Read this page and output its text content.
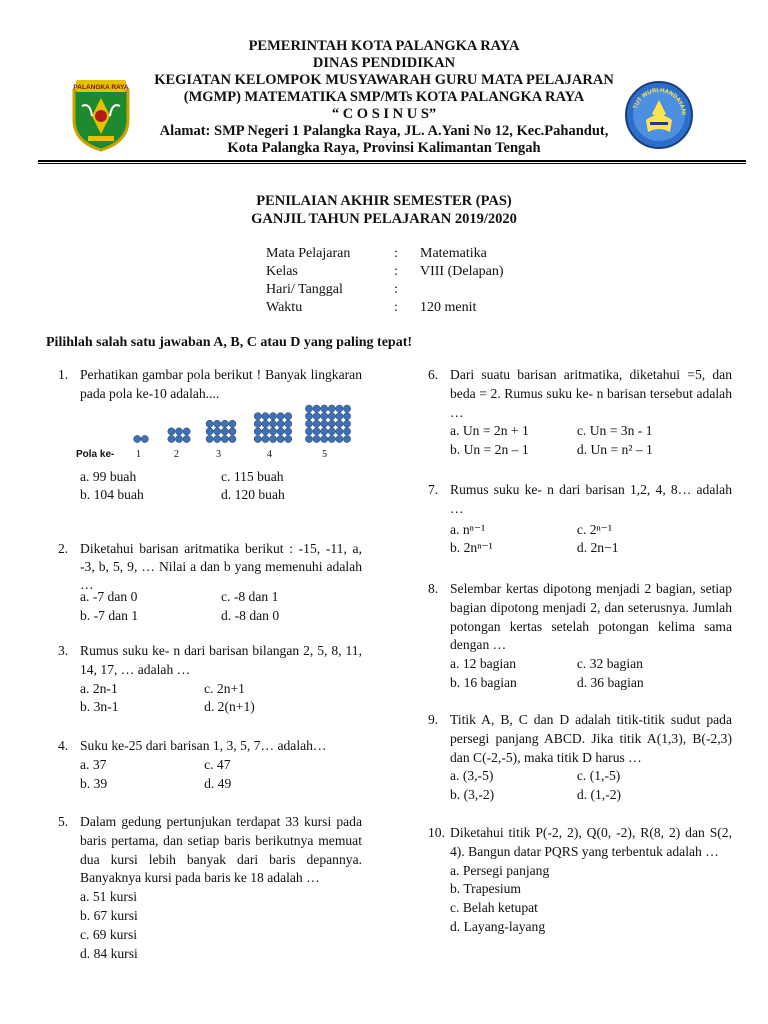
PALANGKA RAYA
TUT WURI HANDAYANI
PEMERINTAH KOTA PALANGKA RAYA
DINAS PENDIDIKAN
KEGIATAN KELOMPOK MUSYAWARAH GURU MATA PELAJARAN
(MGMP) MATEMATIKA SMP/MTs KOTA PALANGKA RAYA
“ C O S I N U S”
Alamat: SMP Negeri 1 Palangka Raya, JL. A.Yani No 12, Kec.Pahandut,
Kota Palangka Raya, Provinsi Kalimantan Tengah
PENILAIAN AKHIR SEMESTER (PAS)
GANJIL TAHUN PELAJARAN 2019/2020
Mata Pelajaran	:	Matematika
Kelas	:	VIII (Delapan)
Hari/ Tanggal	:
Waktu	:	120 menit
Pilihlah salah satu jawaban A, B, C atau D yang paling tepat!
1. Perhatikan gambar pola berikut ! Banyak lingkaran pada pola ke-10 adalah....
Pola ke- 1	2	3	4	5
a. 99 buah	c. 115 buah
b. 104 buah	d. 120 buah
2. Diketahui barisan aritmatika berikut : -15, -11, a, -3, b, 5, 9, … Nilai a dan b yang memenuhi adalah …
a. -7 dan 0	c. -8 dan 1
b. -7 dan 1	d. -8 dan 0
3. Rumus suku ke- n dari barisan bilangan 2, 5, 8, 11, 14, 17, … adalah …
a. 2n-1	c. 2n+1
b. 3n-1	d. 2(n+1)
4. Suku ke-25 dari barisan 1, 3, 5, 7… adalah…
a. 37	c. 47
b. 39	d. 49
5. Dalam gedung pertunjukan terdapat 33 kursi pada baris pertama, dan setiap baris berikutnya memuat dua kursi lebih banyak dari baris depannya. Banyaknya kursi pada baris ke 18 adalah …
a. 51 kursi
b. 67 kursi
c. 69 kursi
d. 84 kursi
6. Dari suatu barisan aritmatika, diketahui =5, dan beda = 2. Rumus suku ke- n barisan tersebut adalah …
a. Un = 2n + 1	c. Un = 3n - 1
b. Un = 2n – 1	d. Un = n² – 1
7. Rumus suku ke- n dari barisan 1,2, 4, 8… adalah …
a. nⁿ⁻¹	c. 2ⁿ⁻¹
b. 2nⁿ⁻¹	d. 2n−1
8. Selembar kertas dipotong menjadi 2 bagian, setiap bagian dipotong menjadi 2, dan seterusnya. Jumlah potongan kertas setelah potongan kelima sama dengan …
a. 12 bagian	c. 32 bagian
b. 16 bagian	d. 36 bagian
9. Titik A, B, C dan D adalah titik-titik sudut pada persegi panjang ABCD. Jika titik A(1,3), B(-2,3) dan C(-2,-5), maka titik D harus …
a. (3,-5)	c. (1,-5)
b. (3,-2)	d. (1,-2)
10. Diketahui titik P(-2, 2), Q(0, -2), R(8, 2) dan S(2, 4). Bangun datar PQRS yang terbentuk adalah …
a. Persegi panjang
b. Trapesium
c. Belah ketupat
d. Layang-layang
